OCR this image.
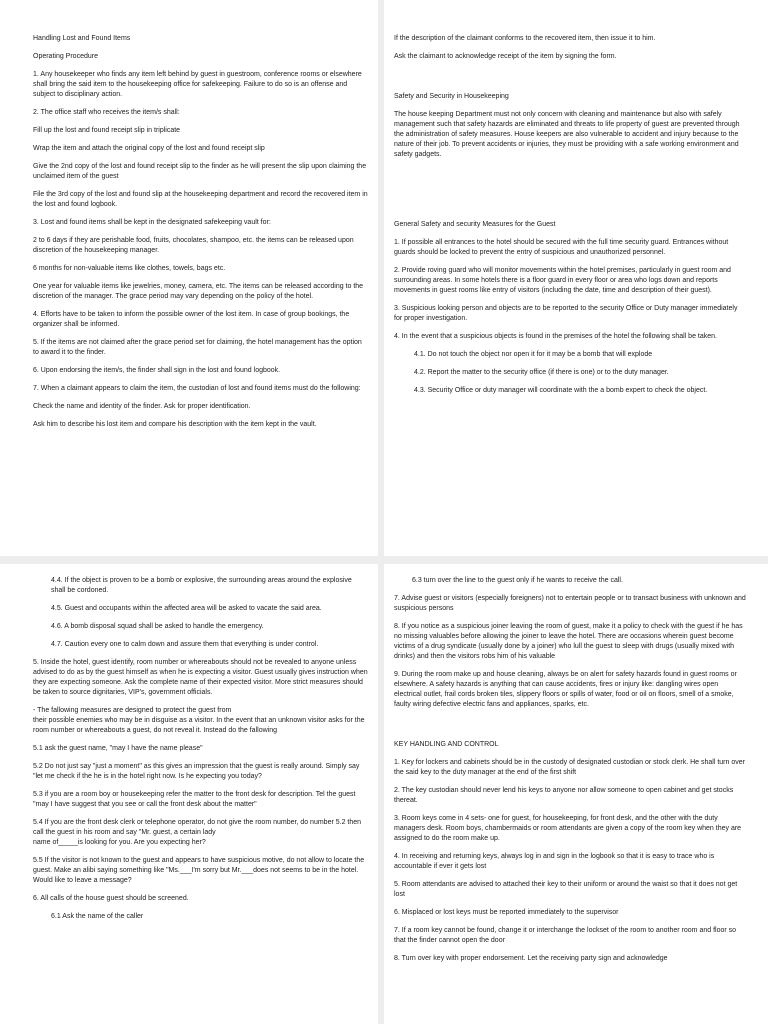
Handling Lost and Found Items

Operating Procedure

1. Any housekeeper who finds any item left behind by guest in guestroom, conference rooms or elsewhere shall bring the said item to the housekeeping office for safekeeping. Failure to do so is an offense and subject to disciplinary action.

2. The office staff who receives the item/s shall:

Fill up the lost and found receipt slip in triplicate

Wrap the item and attach the original copy of the lost and found receipt slip

Give the 2nd copy of the lost and found receipt slip to the finder as he will present the slip upon claiming the unclaimed item of the guest

File the 3rd copy of the lost and found slip at the housekeeping department and record the recovered item in the lost and found logbook.

3. Lost and found items shall be kept in the designated safekeeping vault for:

2 to 6 days if they are perishable food, fruits, chocolates, shampoo, etc. the items can be released upon discretion of the housekeeping manager.

6 months for non-valuable items like clothes, towels, bags etc.

One year for valuable items like jewelries, money, camera, etc. The items can be released according to the discretion of the manager. The grace period may vary depending on the policy of the hotel.

4. Efforts have to be taken to inform the possible owner of the lost item. In case of group bookings, the organizer shall be informed.

5. If the items are not claimed after the grace period set for claiming, the hotel management has the option to award it to the finder.

6. Upon endorsing the item/s, the finder shall sign in the lost and found logbook.

7. When a claimant appears to claim the item, the custodian of lost and found items must do the following:

Check the name and identity of the finder. Ask for proper identification.

Ask him to describe his lost item and compare his description with the item kept in the vault.

If the description of the claimant conforms to the recovered item, then issue it to him.

Ask the claimant to acknowledge receipt of the item by signing the form.

Safety and Security in Housekeeping

The house keeping Department must not only concern with cleaning and maintenance but also with safely management such that safety hazards are eliminated and threats to life property of guest are prevented through the administration of safety measures. House keepers are also vulnerable to accident and injury because to the nature of their job. To prevent accidents or injuries, they must be providing with a safe working environment and safety gadgets.

General Safety and security Measures for the Guest

1. If possible all entrances to the hotel should be secured with the full time security guard. Entrances without guards should be locked to prevent the entry of suspicious and unauthorized personnel.

2. Provide roving guard who will monitor movements within the hotel premises, particularly in guest room and surrounding areas. In some hotels there is a floor guard in every floor or area who logs down and reports movements in guest rooms like entry of visitors (including the date, time and description of their guest).

3. Suspicious looking person and objects are to be reported to the security Office or Duty manager immediately for proper investigation.

4. In the event that a suspicious objects is found in the premises of the hotel the following shall be taken.

4.1. Do not touch the object nor open it for it may be a bomb that will explode

4.2. Report the matter to the security office (if there is one) or to the duty manager.

4.3. Security Office or duty manager will coordinate with the a bomb expert to check the object.

4.4. If the object is proven to be a bomb or explosive, the surrounding areas around the explosive shall be cordoned.

4.5. Guest and occupants within the affected area will be asked to vacate the said area.

4.6. A bomb disposal squad shall be asked to handle the emergency.

4.7. Caution every one to calm down and assure them that everything is under control.

5. Inside the hotel, guest identify, room number or whereabouts should not be revealed to anyone unless advised to do as by the guest himself as when he is expecting a visitor. Guest usually gives instruction when they are expecting someone. Ask the complete name of their expected visitor. More strict measures should be taken to source dignitaries, VIP's, government officials.

- The fallowing measures are designed to protect the guest from
their possible enemies who may be in disguise as a visitor. In the event that an unknown visitor asks for the room number or whereabouts a guest, do not reveal it. Instead do the fallowing

5.1 ask the guest name, "may I have the name please"

5.2 Do not just say "just a moment" as this gives an impression that the guest is really around. Simply say "let me check if the he is in the hotel right now. Is he expecting you today?

5.3 if you are a room boy or housekeeping refer the matter to the front desk for description. Tel the guest "may I have suggest that you see or call the front desk about the matter"

5.4 If you are the front desk clerk or telephone operator, do not give the room number, do number 5.2 then call the guest in his room and say "Mr. guest, a certain lady
name of_____is looking for you. Are you expecting her?

5.5 If the visitor is not known to the guest and appears to have suspicious motive, do not allow to locate the guest. Make an alibi saying something like "Ms.___I'm sorry but Mr.___does not seems to be in the hotel. Would like to leave a message?

6. All calls of the house guest should be screened.

6.1 Ask the name of the caller

6.3 turn over the line to the guest only if he wants to receive the call.

7. Advise guest or visitors (especially foreigners) not to entertain people or to transact business with unknown and suspicious persons

8. If you notice as a suspicious joiner leaving the room of guest, make it a policy to check with the guest if he has no missing valuables before allowing the joiner to leave the hotel. There are occasions wherein guest become victims of a drug syndicate (usually done by a joiner) who lull the guest to sleep with drugs (usually mixed with drinks) and then the visitors robs him of his valuable

9. During the room make up and house cleaning, always be on alert for safety hazards found in guest rooms or elsewhere. A safety hazards is anything that can cause accidents, fires or injury like: dangling wires open electrical outlet, frail cords broken tiles, slippery floors or spills of water, food or oil on floors, smell of a smoke, faulty wiring defective electric fans and appliances, sparks, etc.

KEY HANDLING AND CONTROL

1. Key for lockers and cabinets should be in the custody of designated custodian or stock clerk. He shall turn over the said key to the duty manager at the end of the first shift

2. The key custodian should never lend his keys to anyone nor allow someone to open cabinet and get stocks thereat.

3. Room keys come in 4 sets- one for guest, for housekeeping, for front desk, and the other with the duty managers desk. Room boys, chambermaids or room attendants are given a copy of the room key when they are assigned to do the room make up.

4. In receiving and returning keys, always log in and sign in the logbook so that it is easy to trace who is accountable if ever it gets lost

5. Room attendants are advised to attached their key to their uniform or around the waist so that it does not get lost

6. Misplaced or lost keys must be reported immediately to the supervisor

7. If a room key cannot be found, change it or interchange the lockset of the room to another room and floor so that the finder cannot open the door

8. Turn over key with proper endorsement. Let the receiving party sign and acknowledge
